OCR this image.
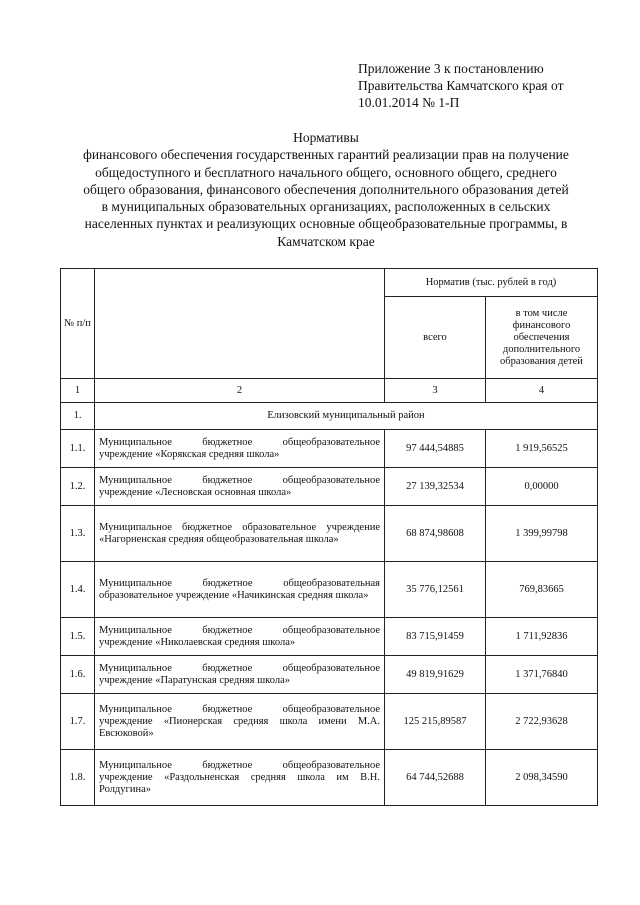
Приложение 3 к постановлению
Правительства Камчатского края от
10.01.2014 № 1-П
Нормативы
финансового обеспечения государственных гарантий реализации прав на получение
общедоступного и бесплатного начального общего, основного общего, среднего
общего образования, финансового обеспечения дополнительного образования детей
в муниципальных образовательных организациях, расположенных в сельских
населенных пунктах и реализующих основные общеобразовательные программы, в
Камчатском крае
№ п/п		Норматив (тыс. рублей в год)	
		всего	в том числе финансового обеспечения дополнительного образования детей
1	2	3	4
1.	Елизовский муниципальный район		
1.1.	Муниципальное бюджетное общеобразовательное учреждение «Корякская средняя школа»	97 444,54885	1 919,56525
1.2.	Муниципальное бюджетное общеобразовательное учреждение «Лесновская основная школа»	27 139,32534	0,00000
1.3.	Муниципальное бюджетное образовательное учреждение «Нагорненская средняя общеобразовательная школа»	68 874,98608	1 399,99798
1.4.	Муниципальное бюджетное общеобразовательная образовательное учреждение «Начикинская средняя школа»	35 776,12561	769,83665
1.5.	Муниципальное бюджетное общеобразовательное учреждение «Николаевская средняя школа»	83 715,91459	1 711,92836
1.6.	Муниципальное бюджетное общеобразовательное учреждение «Паратунская средняя школа»	49 819,91629	1 371,76840
1.7.	Муниципальное бюджетное общеобразовательное учреждение «Пионерская средняя школа имени М.А. Евсюковой»	125 215,89587	2 722,93628
1.8.	Муниципальное бюджетное общеобразовательное учреждение «Раздольненская средняя школа им В.Н. Ролдугина»	64 744,52688	2 098,34590
